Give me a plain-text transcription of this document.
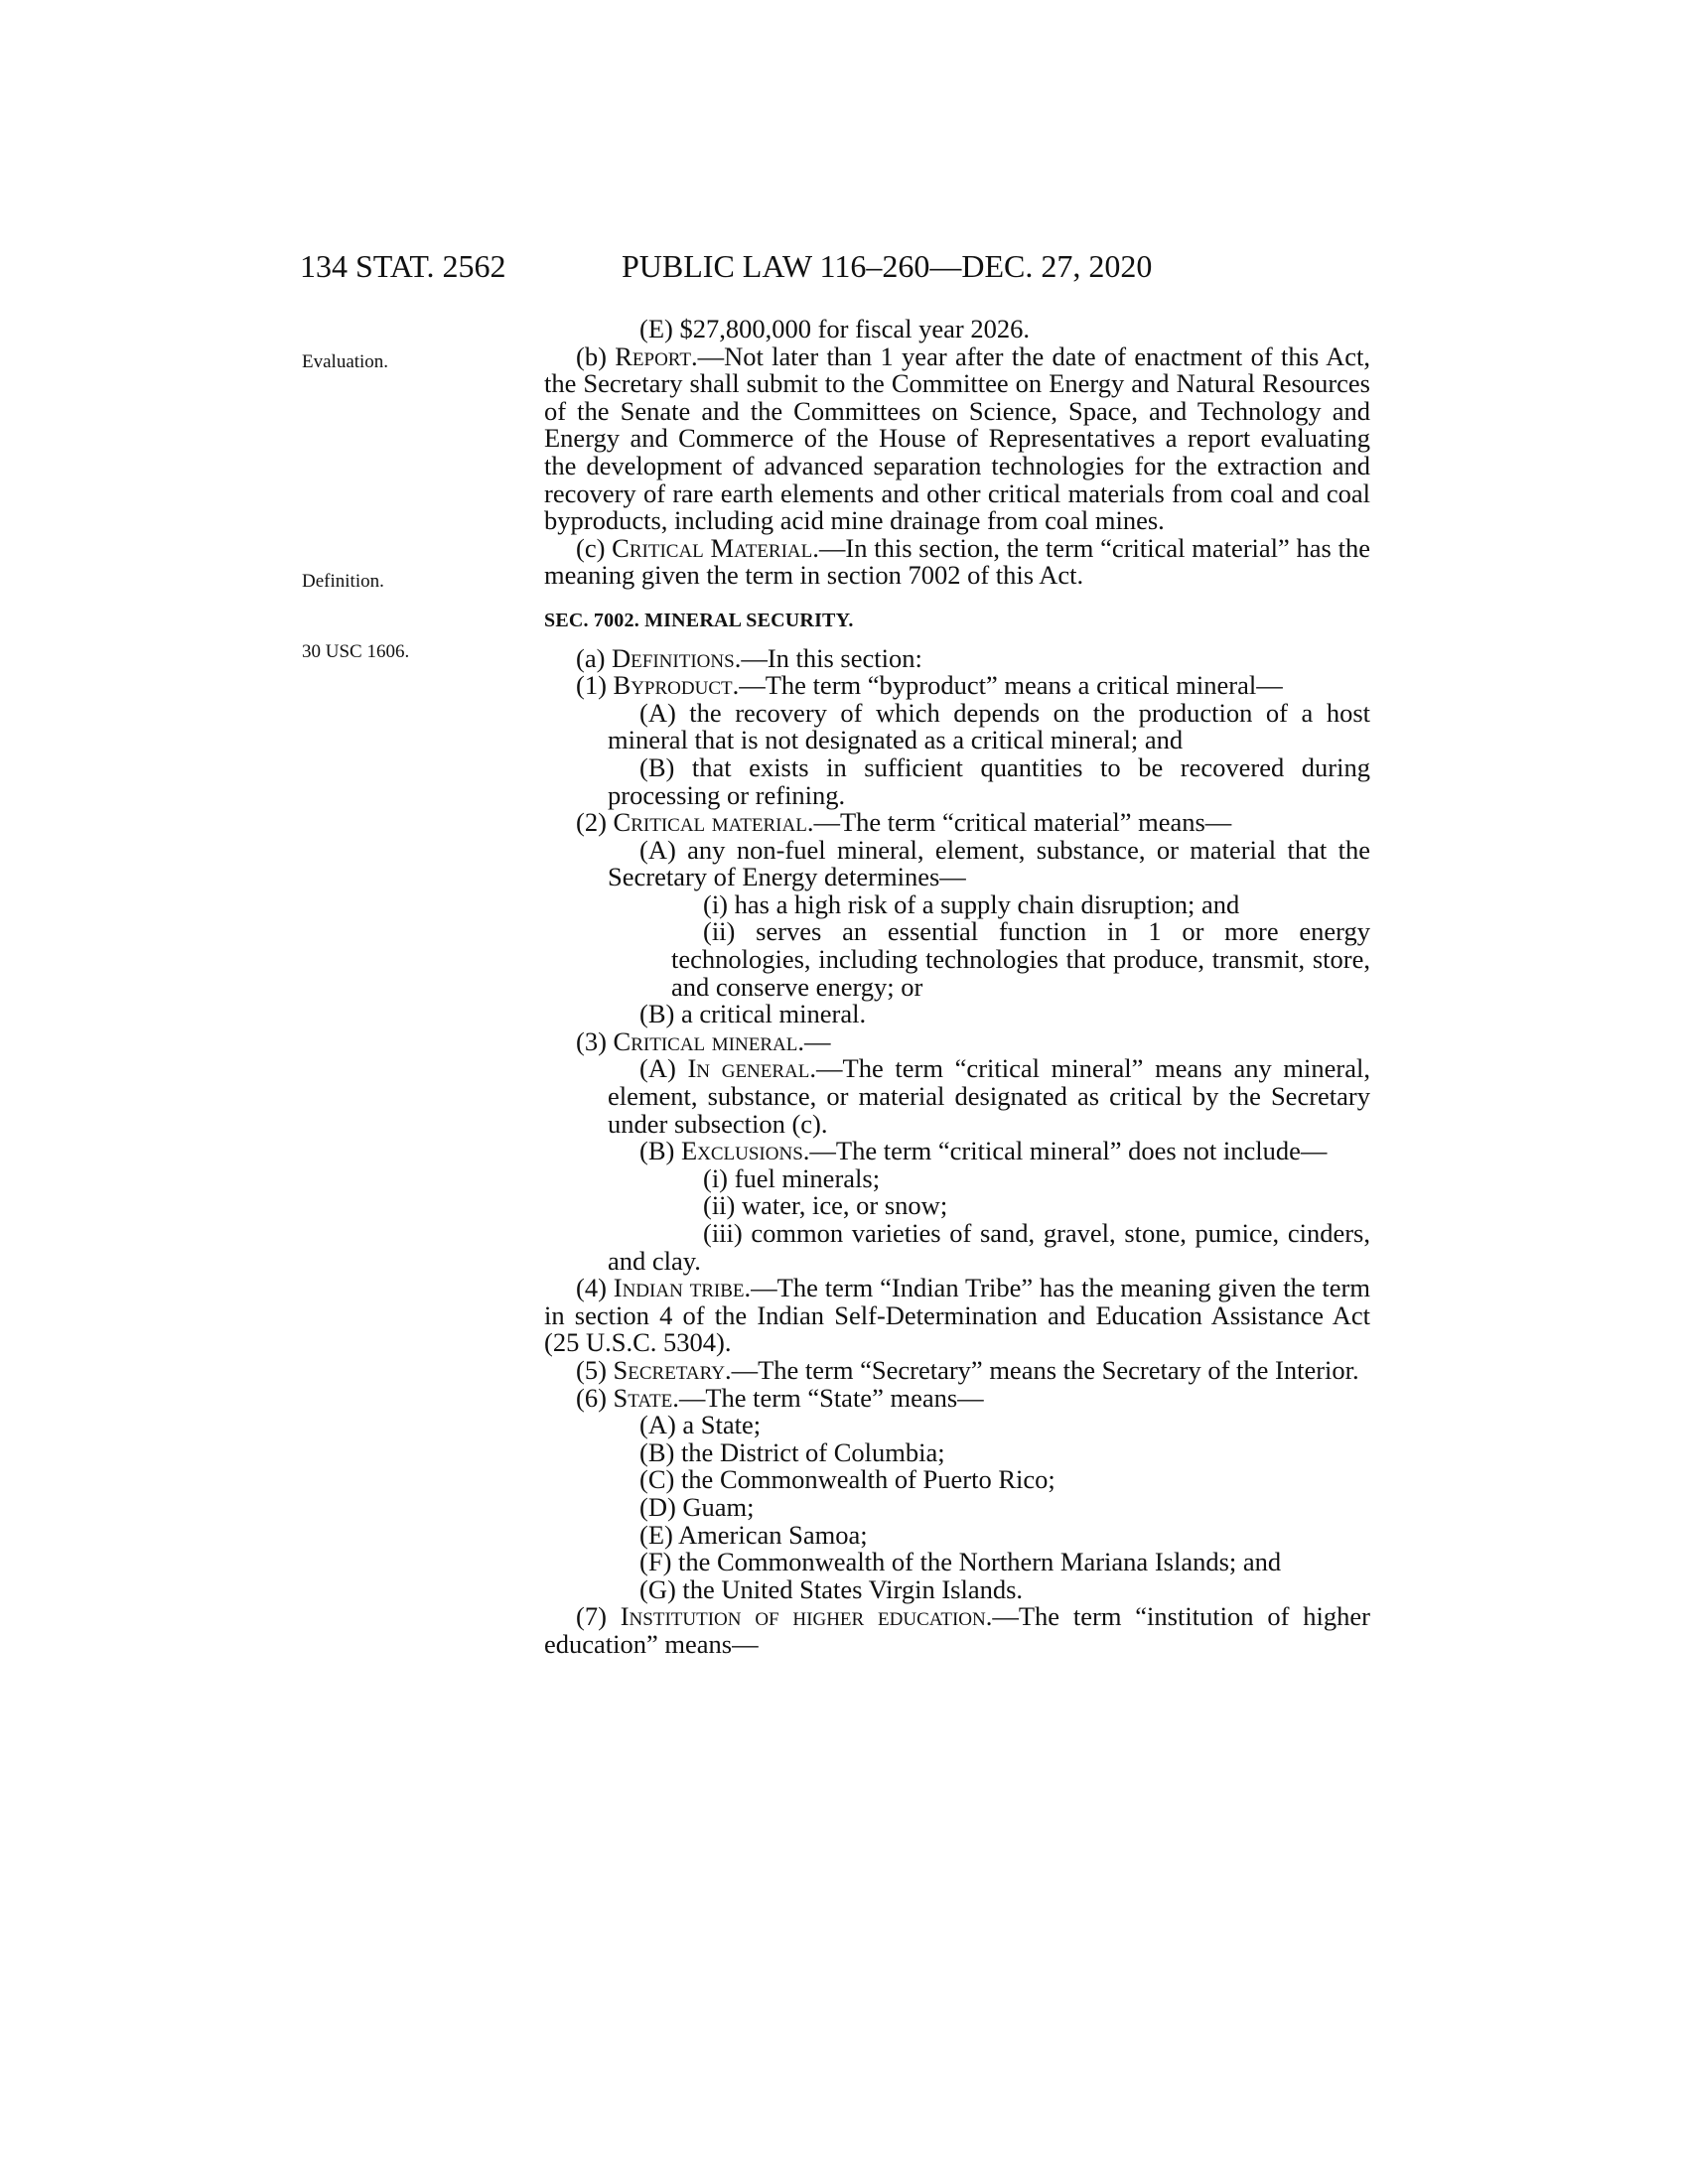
134 STAT. 2562	PUBLIC LAW 116–260—DEC. 27, 2020
Evaluation.
Definition.
30 USC 1606.

(E) $27,800,000 for fiscal year 2026.

(b) Report.—Not later than 1 year after the date of enactment of this Act, the Secretary shall submit to the Committee on Energy and Natural Resources of the Senate and the Committees on Science, Space, and Technology and Energy and Commerce of the House of Representatives a report evaluating the development of advanced separation technologies for the extraction and recovery of rare earth elements and other critical materials from coal and coal byproducts, including acid mine drainage from coal mines.

(c) Critical Material.—In this section, the term “critical material” has the meaning given the term in section 7002 of this Act.

SEC. 7002. MINERAL SECURITY.

(a) Definitions.—In this section:

(1) Byproduct.—The term “byproduct” means a critical mineral—

(A) the recovery of which depends on the production of a host mineral that is not designated as a critical mineral; and

(B) that exists in sufficient quantities to be recovered during processing or refining.

(2) Critical material.—The term “critical material” means—

(A) any non-fuel mineral, element, substance, or material that the Secretary of Energy determines—

(i) has a high risk of a supply chain disruption; and

(ii) serves an essential function in 1 or more energy technologies, including technologies that produce, transmit, store, and conserve energy; or

(B) a critical mineral.

(3) Critical mineral.—

(A) In general.—The term “critical mineral” means any mineral, element, substance, or material designated as critical by the Secretary under subsection (c).

(B) Exclusions.—The term “critical mineral” does not include—

(i) fuel minerals;

(ii) water, ice, or snow;

(iii) common varieties of sand, gravel, stone, pumice, cinders, and clay.

(4) Indian tribe.—The term “Indian Tribe” has the meaning given the term in section 4 of the Indian Self-Determination and Education Assistance Act (25 U.S.C. 5304).

(5) Secretary.—The term “Secretary” means the Secretary of the Interior.

(6) State.—The term “State” means—

(A) a State;

(B) the District of Columbia;

(C) the Commonwealth of Puerto Rico;

(D) Guam;

(E) American Samoa;

(F) the Commonwealth of the Northern Mariana Islands; and

(G) the United States Virgin Islands.

(7) Institution of higher education.—The term “institution of higher education” means—
